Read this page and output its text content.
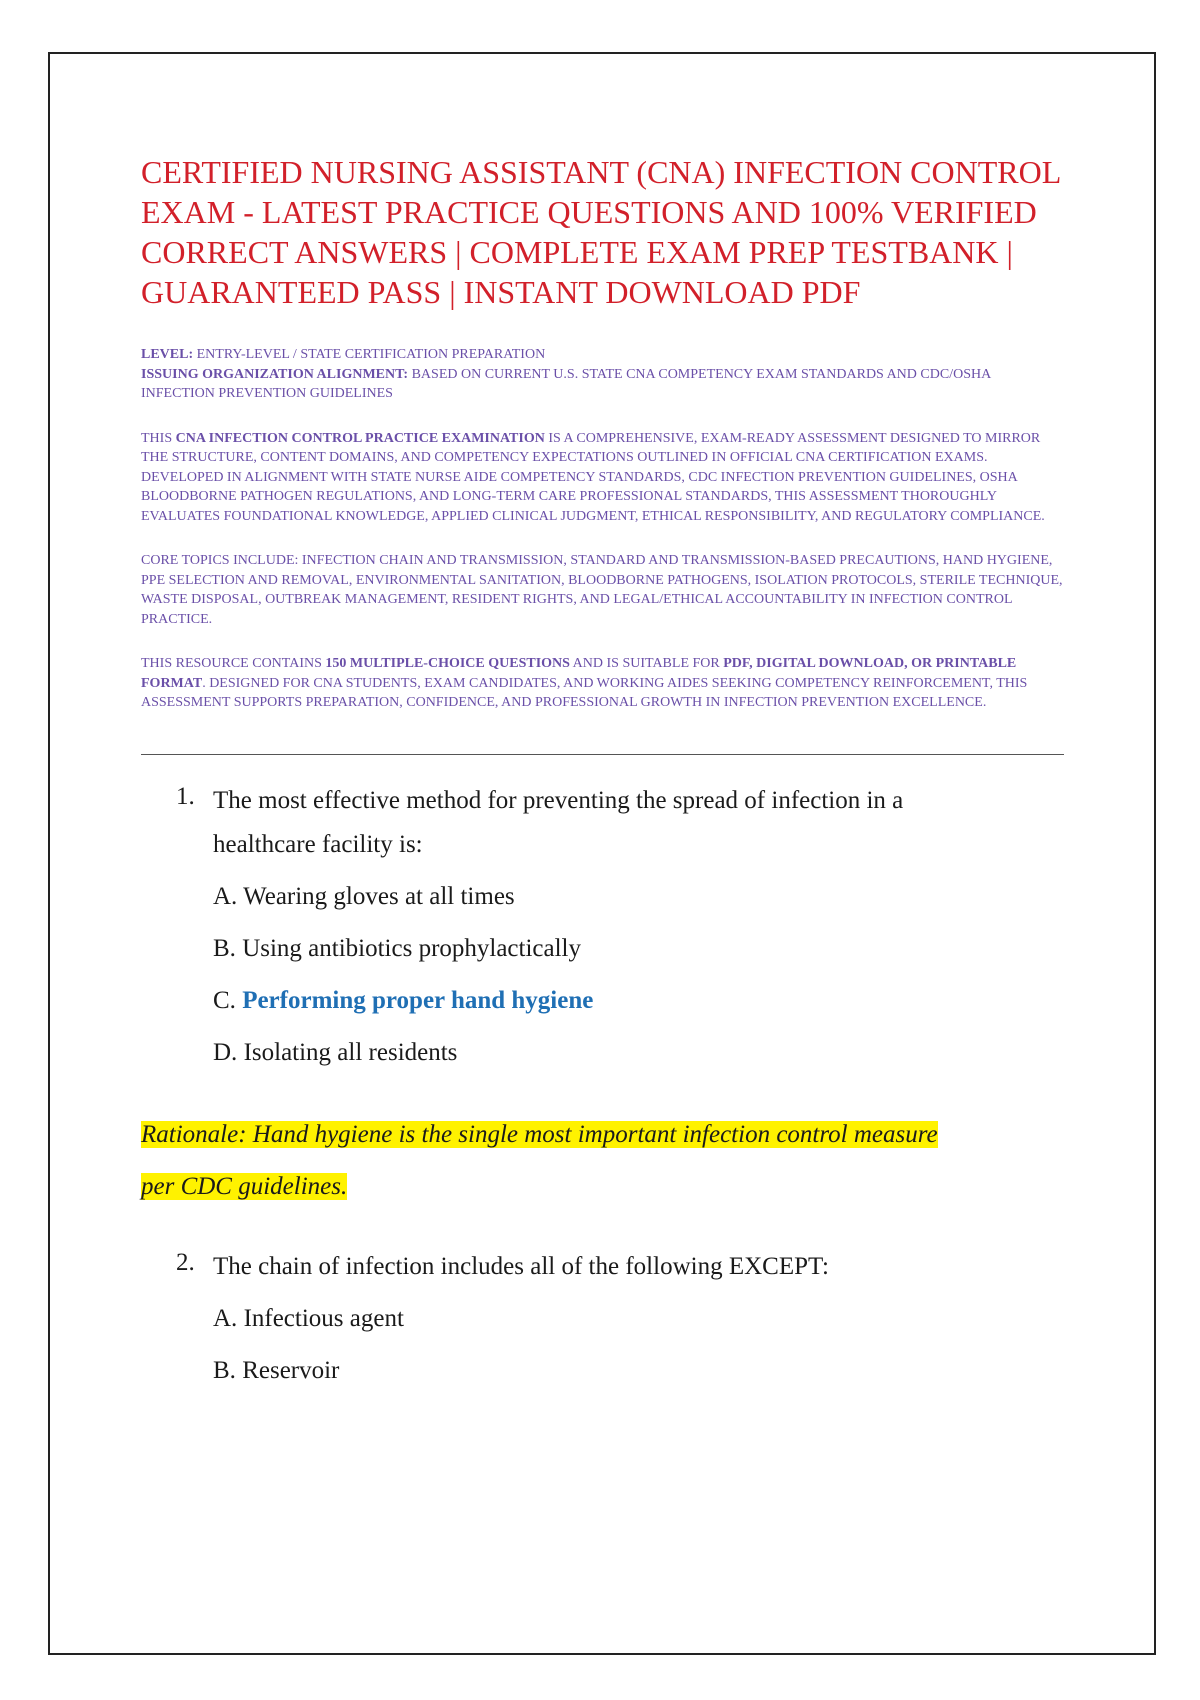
CERTIFIED NURSING ASSISTANT (CNA) INFECTION CONTROL EXAM - LATEST PRACTICE QUESTIONS AND 100% VERIFIED CORRECT ANSWERS | COMPLETE EXAM PREP TESTBANK | GUARANTEED PASS | INSTANT DOWNLOAD PDF
LEVEL: ENTRY-LEVEL / STATE CERTIFICATION PREPARATION
ISSUING ORGANIZATION ALIGNMENT: BASED ON CURRENT U.S. STATE CNA COMPETENCY EXAM STANDARDS AND CDC/OSHA INFECTION PREVENTION GUIDELINES
THIS CNA INFECTION CONTROL PRACTICE EXAMINATION IS A COMPREHENSIVE, EXAM-READY ASSESSMENT DESIGNED TO MIRROR THE STRUCTURE, CONTENT DOMAINS, AND COMPETENCY EXPECTATIONS OUTLINED IN OFFICIAL CNA CERTIFICATION EXAMS. DEVELOPED IN ALIGNMENT WITH STATE NURSE AIDE COMPETENCY STANDARDS, CDC INFECTION PREVENTION GUIDELINES, OSHA BLOODBORNE PATHOGEN REGULATIONS, AND LONG-TERM CARE PROFESSIONAL STANDARDS, THIS ASSESSMENT THOROUGHLY EVALUATES FOUNDATIONAL KNOWLEDGE, APPLIED CLINICAL JUDGMENT, ETHICAL RESPONSIBILITY, AND REGULATORY COMPLIANCE.
CORE TOPICS INCLUDE: INFECTION CHAIN AND TRANSMISSION, STANDARD AND TRANSMISSION-BASED PRECAUTIONS, HAND HYGIENE, PPE SELECTION AND REMOVAL, ENVIRONMENTAL SANITATION, BLOODBORNE PATHOGENS, ISOLATION PROTOCOLS, STERILE TECHNIQUE, WASTE DISPOSAL, OUTBREAK MANAGEMENT, RESIDENT RIGHTS, AND LEGAL/ETHICAL ACCOUNTABILITY IN INFECTION CONTROL PRACTICE.
THIS RESOURCE CONTAINS 150 MULTIPLE-CHOICE QUESTIONS AND IS SUITABLE FOR PDF, DIGITAL DOWNLOAD, OR PRINTABLE FORMAT. DESIGNED FOR CNA STUDENTS, EXAM CANDIDATES, AND WORKING AIDES SEEKING COMPETENCY REINFORCEMENT, THIS ASSESSMENT SUPPORTS PREPARATION, CONFIDENCE, AND PROFESSIONAL GROWTH IN INFECTION PREVENTION EXCELLENCE.
1. The most effective method for preventing the spread of infection in a
healthcare facility is:
A. Wearing gloves at all times
B. Using antibiotics prophylactically
C. Performing proper hand hygiene
D. Isolating all residents
Rationale: Hand hygiene is the single most important infection control measure
per CDC guidelines.
2. The chain of infection includes all of the following EXCEPT:
A. Infectious agent
B. Reservoir
